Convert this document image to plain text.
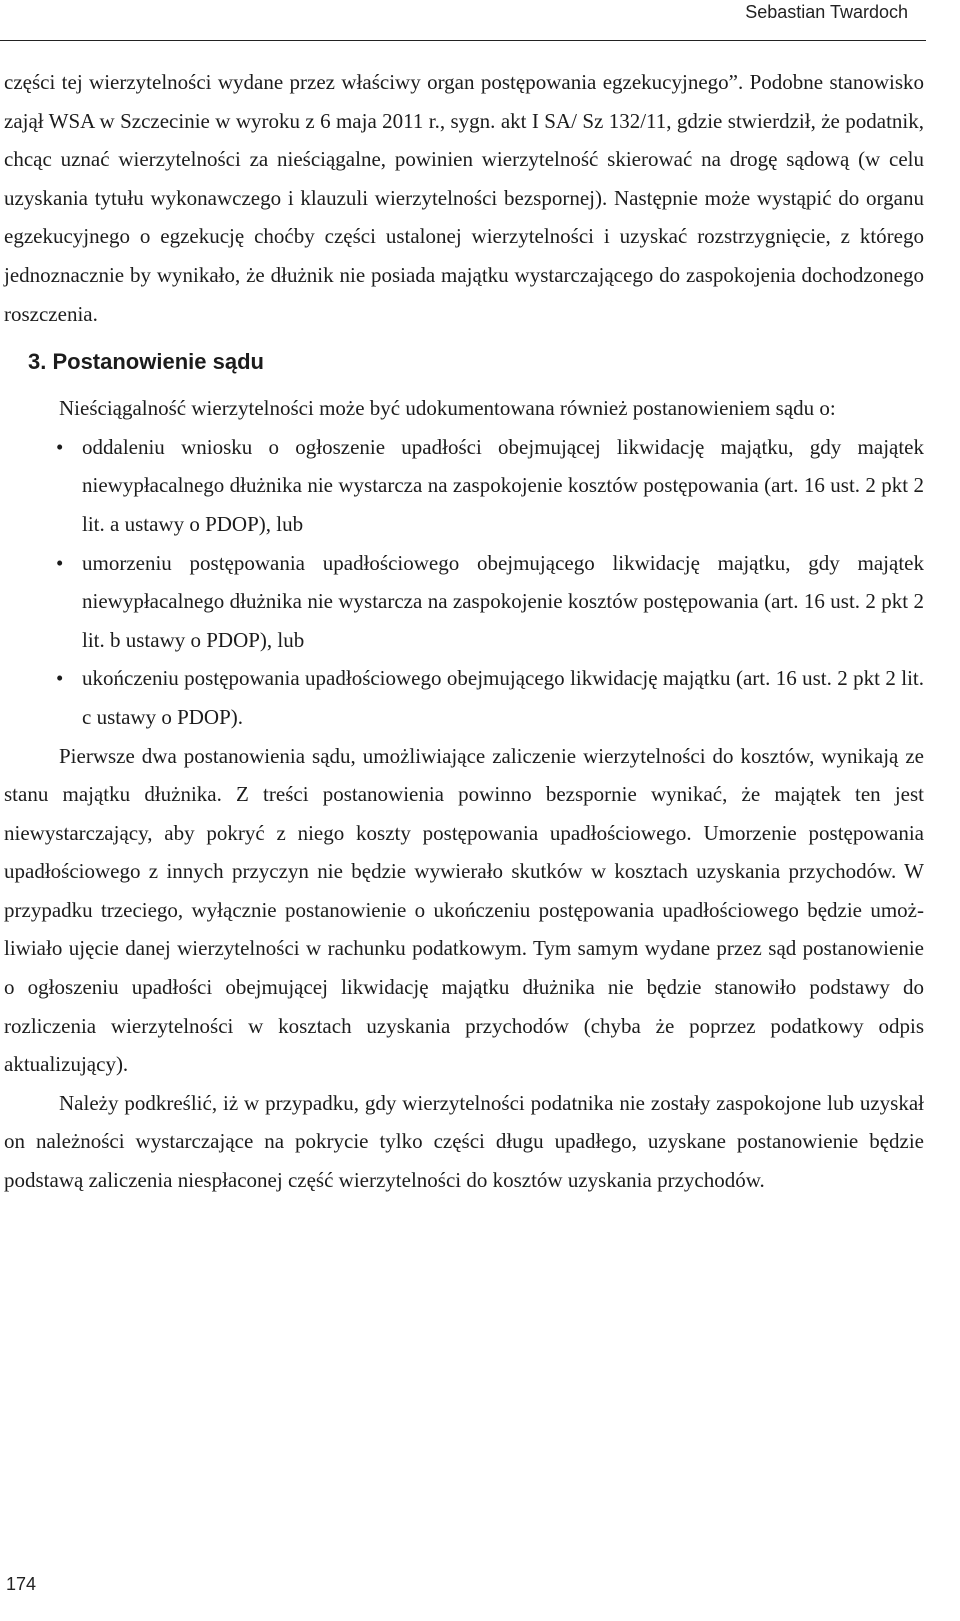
Sebastian Twardoch

części tej wierzytelności wydane przez właściwy organ postępowania egzekucyjnego”. Podobne stanowisko zajął WSA w Szczecinie w wyroku z 6 maja 2011 r., sygn. akt I SA/ Sz 132/11, gdzie stwierdził, że podatnik, chcąc uznać wierzytelności za nieściągalne, powinien wierzytelność skierować na drogę sądową (w celu uzyskania tytułu wykonawczego i klauzuli wierzytelności bezspornej). Następnie może wystąpić do organu egzekucyjnego o egzekucję choćby części ustalonej wierzytelności i uzyskać rozstrzygnięcie, z którego jednoznacznie by wynikało, że dłużnik nie posiada majątku wystarczającego do zaspokojenia dochodzonego roszczenia.

3. Postanowienie sądu

Nieściągalność wierzytelności może być udokumentowana również postanowieniem sądu o:

• oddaleniu wniosku o ogłoszenie upadłości obejmującej likwidację majątku, gdy majątek niewypłacalnego dłużnika nie wystarcza na zaspokojenie kosztów postępowania (art. 16 ust. 2 pkt 2 lit. a ustawy o PDOP), lub
• umorzeniu postępowania upadłościowego obejmującego likwidację majątku, gdy majątek niewypłacalnego dłużnika nie wystarcza na zaspokojenie kosztów postępowania (art. 16 ust. 2 pkt 2 lit. b ustawy o PDOP), lub
• ukończeniu postępowania upadłościowego obejmującego likwidację majątku (art. 16 ust. 2 pkt 2 lit. c ustawy o PDOP).

Pierwsze dwa postanowienia sądu, umożliwiające zaliczenie wierzytelności do kosztów, wynikają ze stanu majątku dłużnika. Z treści postanowienia powinno bezspornie wynikać, że majątek ten jest niewystarczający, aby pokryć z niego koszty postępowania upadłościowego. Umorzenie postępowania upadłościowego z innych przyczyn nie będzie wywierało skutków w kosztach uzyskania przychodów. W przypadku trzeciego, wyłącznie postanowienie o ukończeniu postępowania upadłościowego będzie umożliwiało ujęcie danej wierzytelności w rachunku podatkowym. Tym samym wydane przez sąd postanowienie o ogłoszeniu upadłości obejmującej likwidację majątku dłużnika nie będzie stanowiło podstawy do rozliczenia wierzytelności w kosztach uzyskania przychodów (chyba że poprzez podatkowy odpis aktualizujący).

Należy podkreślić, iż w przypadku, gdy wierzytelności podatnika nie zostały zaspokojone lub uzyskał on należności wystarczające na pokrycie tylko części długu upadłego, uzyskane postanowienie będzie podstawą zaliczenia niespłaconej część wierzytelności do kosztów uzyskania przychodów.

174
